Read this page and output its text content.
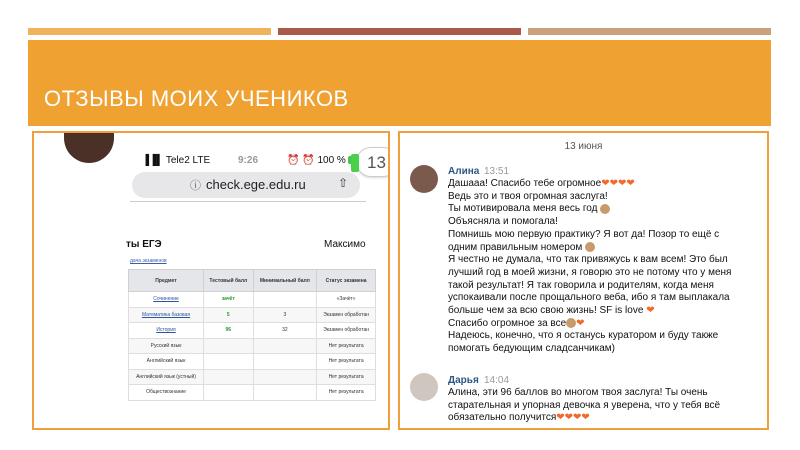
ОТЗЫВЫ МОИХ УЧЕНИКОВ
▐▐▌ Tele2 LTE	9:26	⏰ ⏰ 100 %
ⓘ check.ege.edu.ru	⇧
13
ты ЕГЭ	Максимо
дача экзаменов
Предмет	Тестовый балл	Минимальный балл	Статус экзамена
Сочинение	зачёт		«Зачёт»
Математика базовая	5	3	Экзамен обработан
История	96	32	Экзамен обработан
Русский язык			Нет результата
Английский язык			Нет результата
Английский язык (устный)			Нет результата
Обществознание			Нет результата
13 июня
Алина 13:51
Дашааа! Спасибо тебе огромное❤❤❤❤
Ведь это и твоя огромная заслуга!
Ты мотивировала меня весь год
Объясняла и помогала!
Помнишь мою первую практику? Я вот да! Позор то ещё с
одним правильным номером
Я честно не думала, что так привяжусь к вам всем! Это был
лучший год в моей жизни, я говорю это не потому что у меня
такой результат! Я так говорила и родителям, когда меня
успокаивали после прощального веба, ибо я там выплакала
больше чем за всю свою жизнь! SF is love ❤
Спасибо огромное за все ❤
Надеюсь, конечно, что я останусь куратором и буду также
помогать бедующим сладсанчикам)
Дарья 14:04
Алина, эти 96 баллов во многом твоя заслуга! Ты очень
старательная и упорная девочка я уверена, что у тебя всё
обязательно получится❤❤❤❤
